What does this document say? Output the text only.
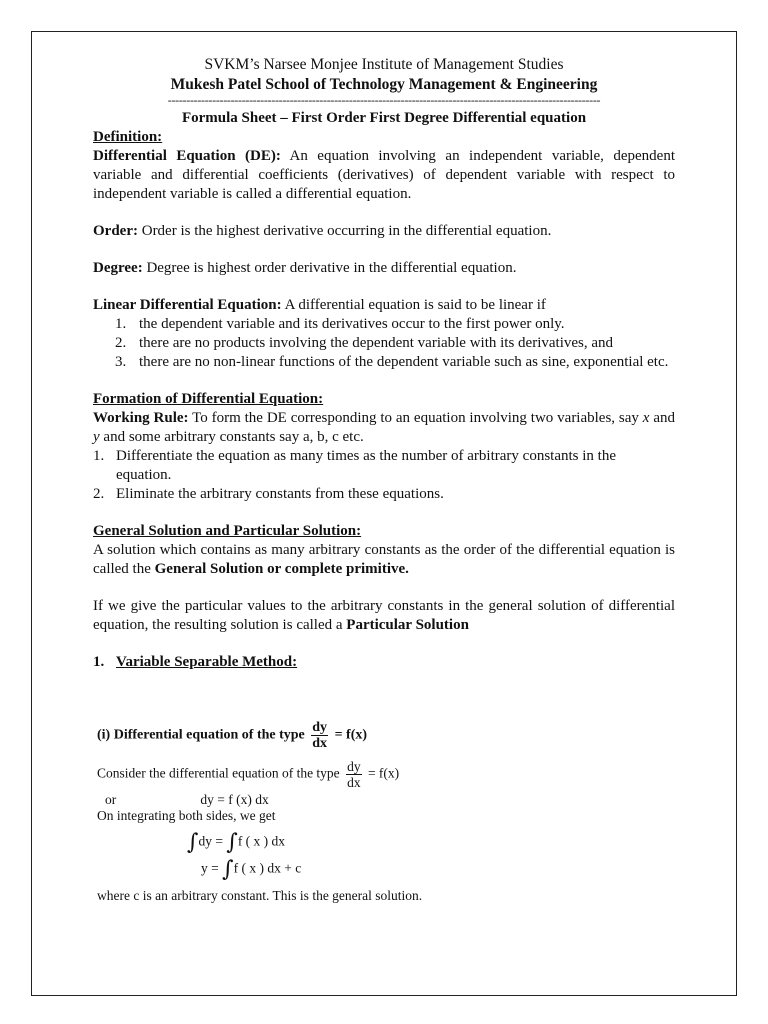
SVKM’s Narsee Monjee Institute of Management Studies
Mukesh Patel School of Technology Management & Engineering
---------------------------------------------------------------------------------------------------------------------
Formula Sheet – First Order First Degree Differential equation
Definition:
Differential Equation (DE): An equation involving an independent variable, dependent variable and differential coefficients (derivatives) of dependent variable with respect to independent variable is called a differential equation.
Order: Order is the highest derivative occurring in the differential equation.
Degree: Degree is highest order derivative in the differential equation.
Linear Differential Equation: A differential equation is said to be linear if
1. the dependent variable and its derivatives occur to the first power only.
2. there are no products involving the dependent variable with its derivatives, and
3. there are no non-linear functions of the dependent variable such as sine, exponential etc.
Formation of Differential Equation:
Working Rule: To form the DE corresponding to an equation involving two variables, say x and y and some arbitrary constants say a, b, c etc.
1. Differentiate the equation as many times as the number of arbitrary constants in the equation.
2. Eliminate the arbitrary constants from these equations.
General Solution and Particular Solution:
A solution which contains as many arbitrary constants as the order of the differential equation is called the General Solution or complete primitive.
If we give the particular values to the arbitrary constants in the general solution of differential equation, the resulting solution is called a Particular Solution
1. Variable Separable Method:
(i) Differential equation of the type $\frac{dy}{dx} = f(x)$
Consider the differential equation of the type $\frac{dy}{dx} = f(x)$
or	dy = f (x) dx
On integrating both sides, we get
∫dy = ∫f ( x ) dx
y = ∫f ( x ) dx + c
where c is an arbitrary constant. This is the general solution.
